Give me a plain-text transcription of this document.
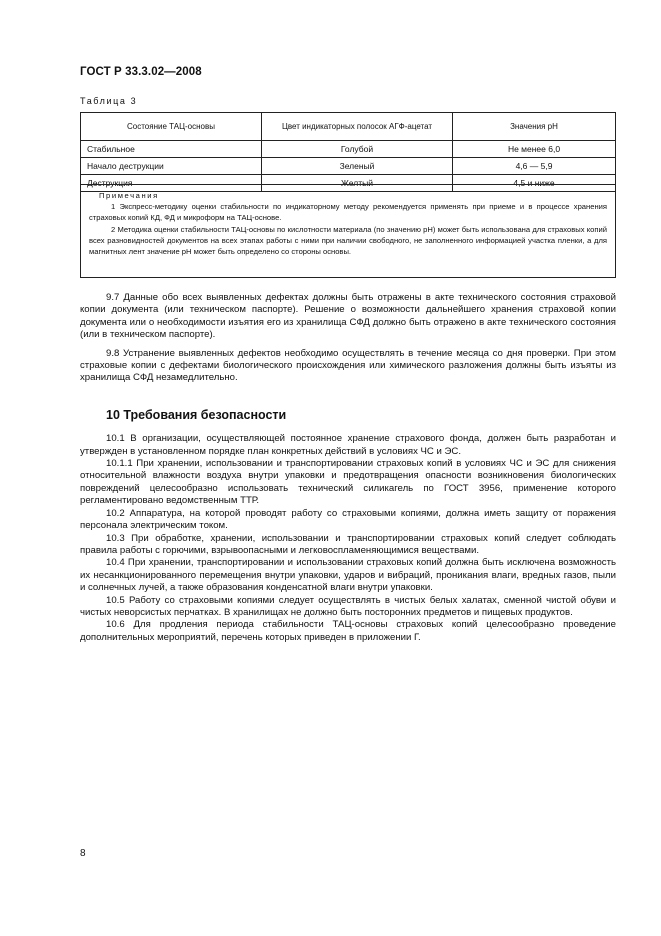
ГОСТ Р 33.3.02—2008
Таблица 3
Состояние ТАЦ-основы	Цвет индикаторных полосок АГФ-ацетат	Значения рН
Стабильное	Голубой	Не менее 6,0
Начало деструкции	Зеленый	4,6 — 5,9
Деструкция	Желтый	4,5 и ниже
Примечания

1 Экспресс-методику оценки стабильности по индикаторному методу рекомендуется применять при приеме и в процессе хранения страховых копий КД, ФД и микроформ на ТАЦ-основе.

2 Методика оценки стабильности ТАЦ-основы по кислотности материала (по значению рН) может быть использована для страховых копий всех разновидностей документов на всех этапах работы с ними при наличии свободного, не заполненного информацией участка пленки, а для магнитных лент значение рН может быть определено со стороны основы.

9.7 Данные обо всех выявленных дефектах должны быть отражены в акте технического состояния страховой копии документа (или техническом паспорте). Решение о возможности дальнейшего хранения страховой копии документа или о необходимости изъятия его из хранилища СФД должно быть отражено в акте технического состояния (или в техническом паспорте).

9.8 Устранение выявленных дефектов необходимо осуществлять в течение месяца со дня проверки. При этом страховые копии с дефектами биологического происхождения или химического разложения должны быть изъяты из хранилища СФД незамедлительно.

10 Требования безопасности

10.1 В организации, осуществляющей постоянное хранение страхового фонда, должен быть разработан и утвержден в установленном порядке план конкретных действий в условиях ЧС и ЭС.

10.1.1 При хранении, использовании и транспортировании страховых копий в условиях ЧС и ЭС для снижения относительной влажности воздуха внутри упаковки и предотвращения опасности возникновения биологических повреждений целесообразно использовать технический силикагель по ГОСТ 3956, применение которого регламентировано ведомственным ТТР.

10.2 Аппаратура, на которой проводят работу со страховыми копиями, должна иметь защиту от поражения персонала электрическим током.

10.3 При обработке, хранении, использовании и транспортировании страховых копий следует соблюдать правила работы с горючими, взрывоопасными и легковоспламеняющимися веществами.

10.4 При хранении, транспортировании и использовании страховых копий должна быть исключена возможность их несанкционированного перемещения внутри упаковки, ударов и вибраций, проникания влаги, вредных газов, пыли и солнечных лучей, а также образования конденсатной влаги внутри упаковки.

10.5 Работу со страховыми копиями следует осуществлять в чистых белых халатах, сменной чистой обуви и чистых неворсистых перчатках. В хранилищах не должно быть посторонних предметов и пищевых продуктов.

10.6 Для продления периода стабильности ТАЦ-основы страховых копий целесообразно проведение дополнительных мероприятий, перечень которых приведен в приложении Г.

8
